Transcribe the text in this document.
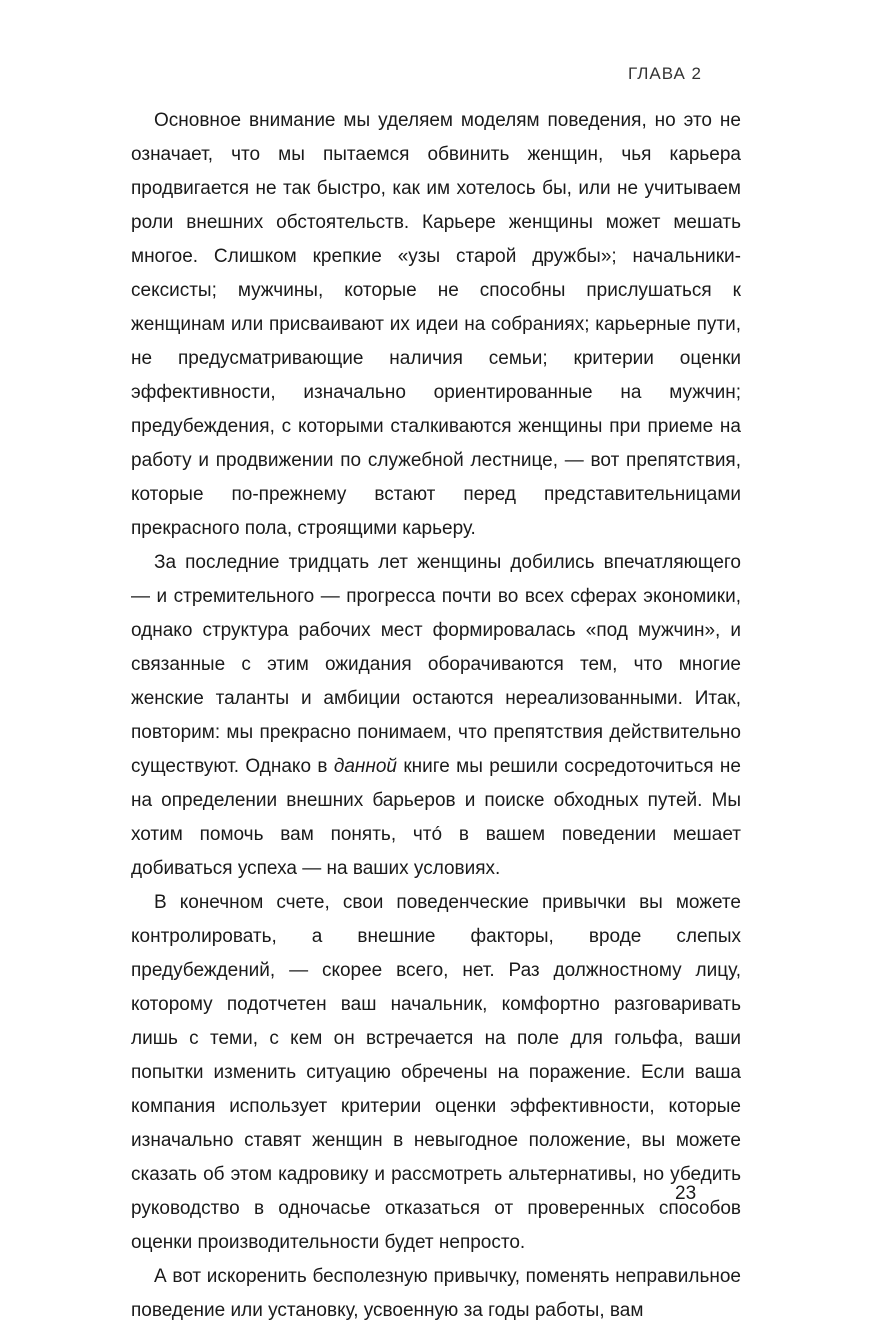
ГЛАВА 2

Основное внимание мы уделяем моделям поведения, но это не означает, что мы пытаемся обвинить женщин, чья карьера продвигается не так быстро, как им хотелось бы, или не учитываем роли внешних обстоятельств. Карьере женщины может мешать многое. Слишком крепкие «узы старой дружбы»; начальники-сексисты; мужчины, которые не способны прислушаться к женщинам или присваивают их идеи на собраниях; карьерные пути, не предусматривающие наличия семьи; критерии оценки эффективности, изначально ориентированные на мужчин; предубеждения, с которыми сталкиваются женщины при приеме на работу и продвижении по служебной лестнице, — вот препятствия, которые по-прежнему встают перед представительницами прекрасного пола, строящими карьеру.

За последние тридцать лет женщины добились впечатляющего — и стремительного — прогресса почти во всех сферах экономики, однако структура рабочих мест формировалась «под мужчин», и связанные с этим ожидания оборачиваются тем, что многие женские таланты и амбиции остаются нереализованными. Итак, повторим: мы прекрасно понимаем, что препятствия действительно существуют. Однако в данной книге мы решили сосредоточиться не на определении внешних барьеров и поиске обходных путей. Мы хотим помочь вам понять, чтó в вашем поведении мешает добиваться успеха — на ваших условиях.

В конечном счете, свои поведенческие привычки вы можете контролировать, а внешние факторы, вроде слепых предубеждений, — скорее всего, нет. Раз должностному лицу, которому подотчетен ваш начальник, комфортно разговаривать лишь с теми, с кем он встречается на поле для гольфа, ваши попытки изменить ситуацию обречены на поражение. Если ваша компания использует критерии оценки эффективности, которые изначально ставят женщин в невыгодное положение, вы можете сказать об этом кадровику и рассмотреть альтернативы, но убедить руководство в одночасье отказаться от проверенных способов оценки производительности будет непросто.

А вот искоренить бесполезную привычку, поменять неправильное поведение или установку, усвоенную за годы работы, вам

23
